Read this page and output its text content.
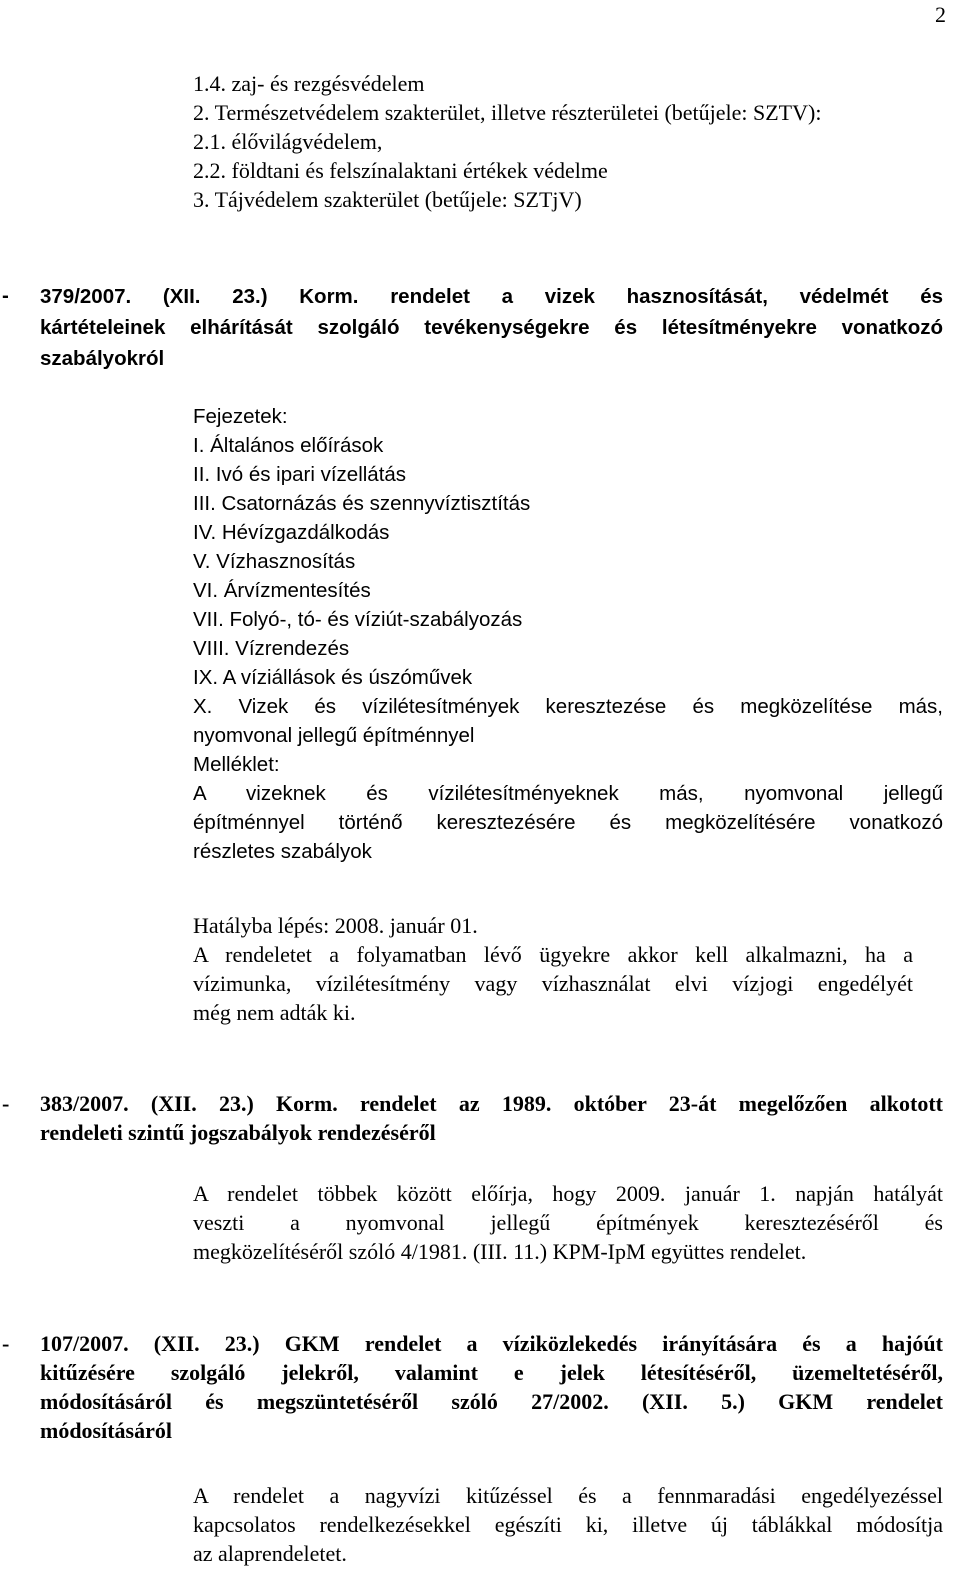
2
1.4. zaj- és rezgésvédelem
2. Természetvédelem szakterület, illetve részterületei (betűjele: SZTV):
2.1. élővilágvédelem,
2.2. földtani és felszínalaktani értékek védelme
3. Tájvédelem szakterület (betűjele: SZTjV)
- 379/2007. (XII. 23.) Korm. rendelet a vizek hasznosítását, védelmét és
kártételeinek elhárítását szolgáló tevékenységekre és létesítményekre vonatkozó
szabályokról
Fejezetek:
I. Általános előírások
II. Ivó és ipari vízellátás
III. Csatornázás és szennyvíztisztítás
IV. Hévízgazdálkodás
V. Vízhasznosítás
VI. Árvízmentesítés
VII. Folyó-, tó- és víziút-szabályozás
VIII. Vízrendezés
IX. A víziállások és úszóművek
X. Vizek és vízilétesítmények keresztezése és megközelítése más,
nyomvonal jellegű építménnyel
Melléklet:
A vizeknek és vízilétesítményeknek más, nyomvonal jellegű
építménnyel történő keresztezésére és megközelítésére vonatkozó
részletes szabályok
Hatályba lépés: 2008. január 01.
A rendeletet a folyamatban lévő ügyekre akkor kell alkalmazni, ha a
vízimunka, vízilétesítmény vagy vízhasználat elvi vízjogi engedélyét
még nem adták ki.
- 383/2007. (XII. 23.) Korm. rendelet az 1989. október 23-át megelőzően alkotott
rendeleti szintű jogszabályok rendezéséről
A rendelet többek között előírja, hogy 2009. január 1. napján hatályát
veszti a nyomvonal jellegű építmények keresztezéséről és
megközelítéséről szóló 4/1981. (III. 11.) KPM-IpM együttes rendelet.
- 107/2007. (XII. 23.) GKM rendelet a víziközlekedés irányítására és a hajóút
kitűzésére szolgáló jelekről, valamint e jelek létesítéséről, üzemeltetéséről,
módosításáról és megszüntetéséről szóló 27/2002. (XII. 5.) GKM rendelet
módosításáról
A rendelet a nagyvízi kitűzéssel és a fennmaradási engedélyezéssel
kapcsolatos rendelkezésekkel egészíti ki, illetve új táblákkal módosítja
az alaprendeletet.
